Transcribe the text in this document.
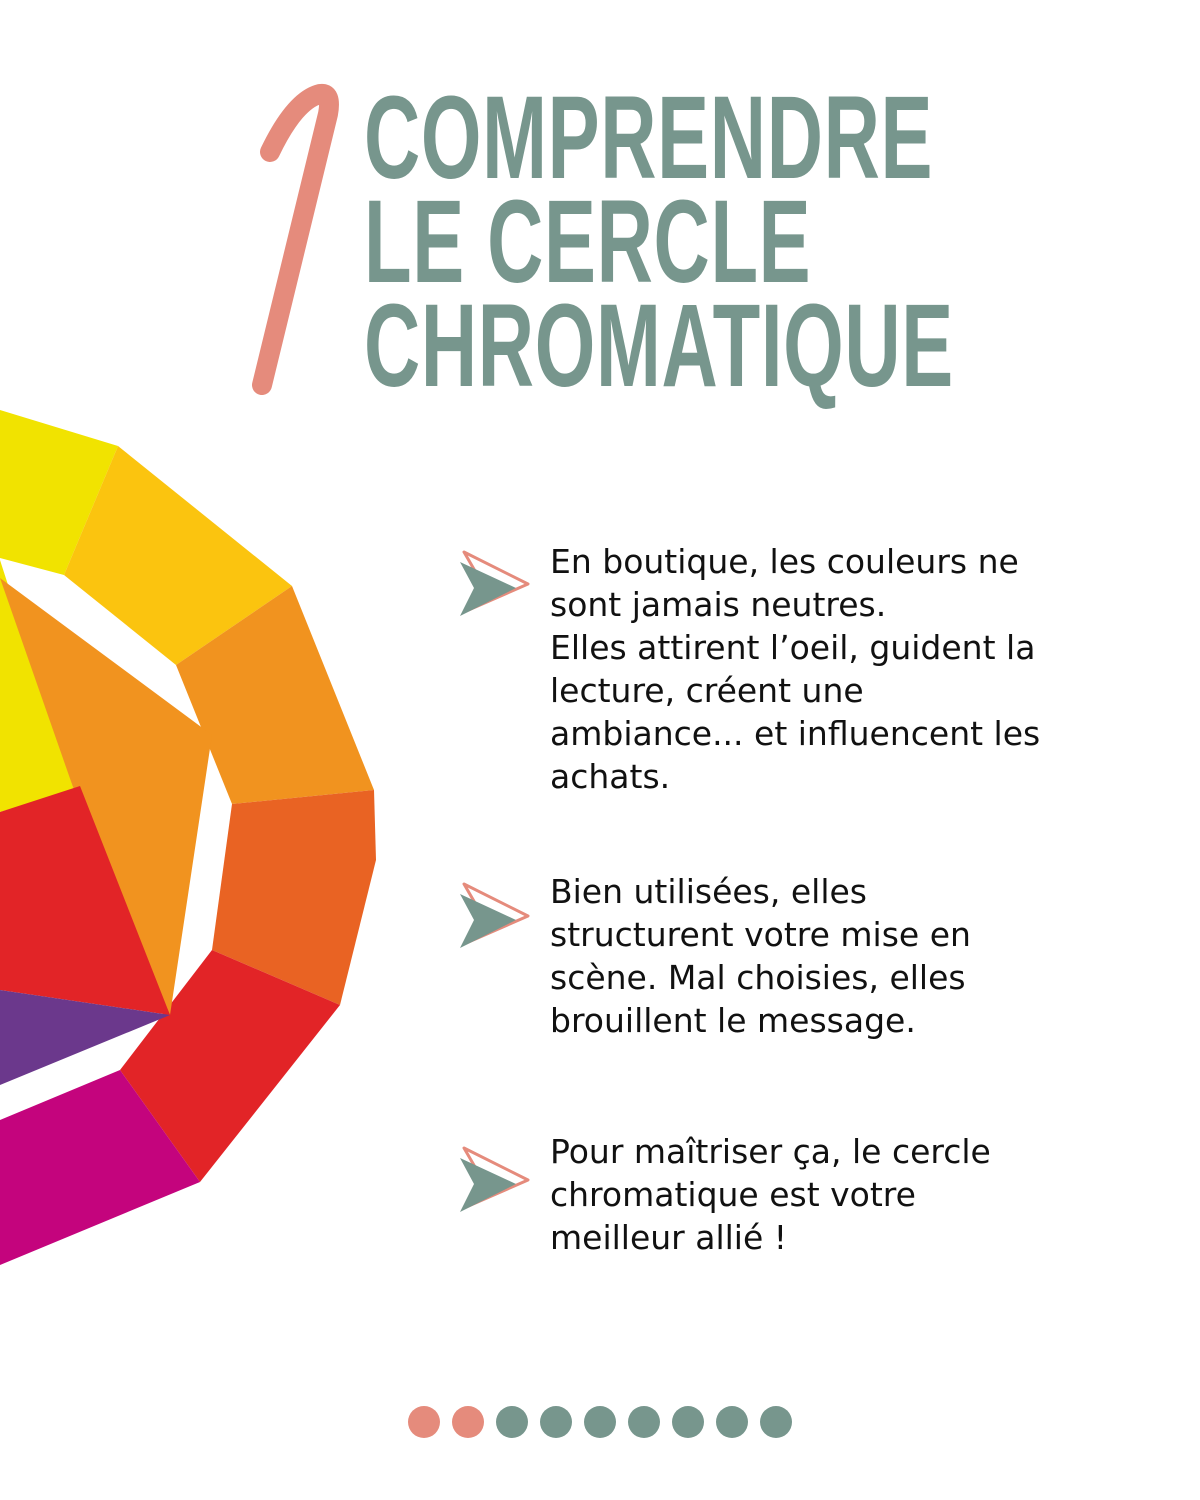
COMPRENDRE
LE CERCLE
CHROMATIQUE

En boutique, les couleurs ne
sont jamais neutres.
Elles attirent l’oeil, guident la
lecture, créent une
ambiance... et influencent les
achats.

Bien utilisées, elles
structurent votre mise en
scène. Mal choisies, elles
brouillent le message.

Pour maîtriser ça, le cercle
chromatique est votre
meilleur allié !
